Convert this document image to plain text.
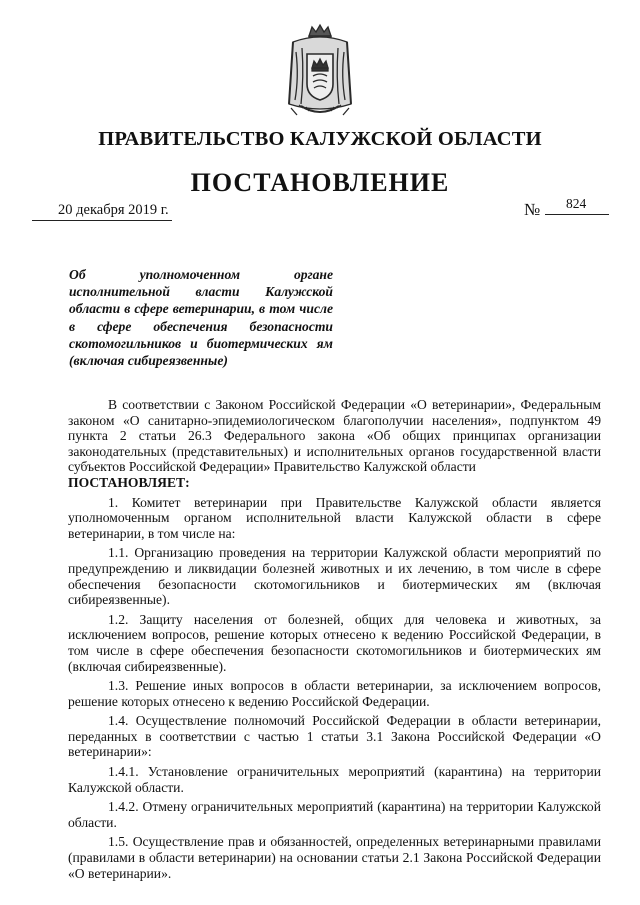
ПРАВИТЕЛЬСТВО КАЛУЖСКОЙ ОБЛАСТИ
ПОСТАНОВЛЕНИЕ
20 декабря 2019 г.	№ 824
Об уполномоченном органе исполнительной власти Калужской области в сфере ветеринарии, в том числе в сфере обеспечения безопасности скотомогильников и биотермических ям (включая сибиреязвенные)

В соответствии с Законом Российской Федерации «О ветеринарии», Федеральным законом «О санитарно-эпидемиологическом благополучии населения», подпунктом 49 пункта 2 статьи 26.3 Федерального закона «Об общих принципах организации законодательных (представительных) и исполнительных органов государственной власти субъектов Российской Федерации» Правительство Калужской области

ПОСТАНОВЛЯЕТ:

1. Комитет ветеринарии при Правительстве Калужской области является уполномоченным органом исполнительной власти Калужской области в сфере ветеринарии, в том числе на:

1.1. Организацию проведения на территории Калужской области мероприятий по предупреждению и ликвидации болезней животных и их лечению, в том числе в сфере обеспечения безопасности скотомогильников и биотермических ям (включая сибиреязвенные).

1.2. Защиту населения от болезней, общих для человека и животных, за исключением вопросов, решение которых отнесено к ведению Российской Федерации, в том числе в сфере обеспечения безопасности скотомогильников и биотермических ям (включая сибиреязвенные).

1.3. Решение иных вопросов в области ветеринарии, за исключением вопросов, решение которых отнесено к ведению Российской Федерации.

1.4. Осуществление полномочий Российской Федерации в области ветеринарии, переданных в соответствии с частью 1 статьи 3.1 Закона Российской Федерации «О ветеринарии»:

1.4.1. Установление ограничительных мероприятий (карантина) на территории Калужской области.

1.4.2. Отмену ограничительных мероприятий (карантина) на территории Калужской области.

1.5. Осуществление прав и обязанностей, определенных ветеринарными правилами (правилами в области ветеринарии) на основании статьи 2.1 Закона Российской Федерации «О ветеринарии».
